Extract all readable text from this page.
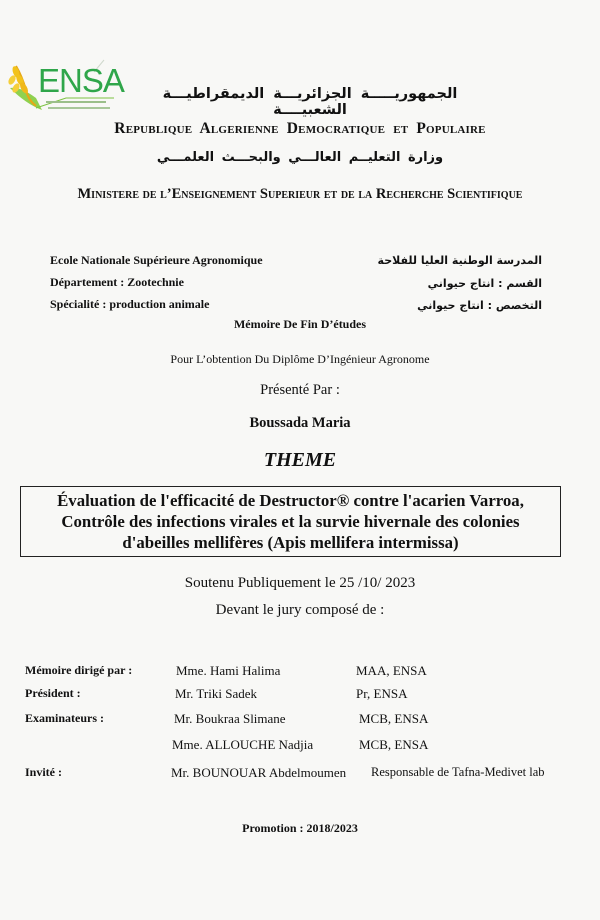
ENSA	الجمهوريـــــة الجزائريـــة الديمقراطيـــة الشعبيــــة
Republique Algerienne Democratique et Populaire
وزارة التعليــم العالـــي والبحـــث العلمـــي
Ministere de l’Enseignement Superieur et de la Recherche Scientifique
Ecole Nationale Supérieure Agronomique
Département : Zootechnie
Spécialité : production animale
المدرسة الوطنية العليا للفلاحة
القسم : انتاج حيواني
التخصص : انتاج حيواني
Mémoire De Fin D’études
Pour L’obtention Du Diplôme D’Ingénieur Agronome
Présenté Par :
Boussada Maria
THEME
Évaluation de l'efficacité de Destructor® contre l'acarien Varroa,
Contrôle des infections virales et la survie hivernale des colonies
d'abeilles mellifères (Apis mellifera intermissa)
Soutenu Publiquement le 25 /10/ 2023
Devant le jury composé de :
Mémoire dirigé par :	Mme. Hami Halima	MAA, ENSA
Président :	Mr. Triki Sadek	Pr, ENSA
Examinateurs :	Mr. Boukraa Slimane	MCB, ENSA
Mme. ALLOUCHE Nadjia	MCB, ENSA
Invité :	Mr. BOUNOUAR Abdelmoumen Responsable de Tafna-Medivet lab
Promotion : 2018/2023
